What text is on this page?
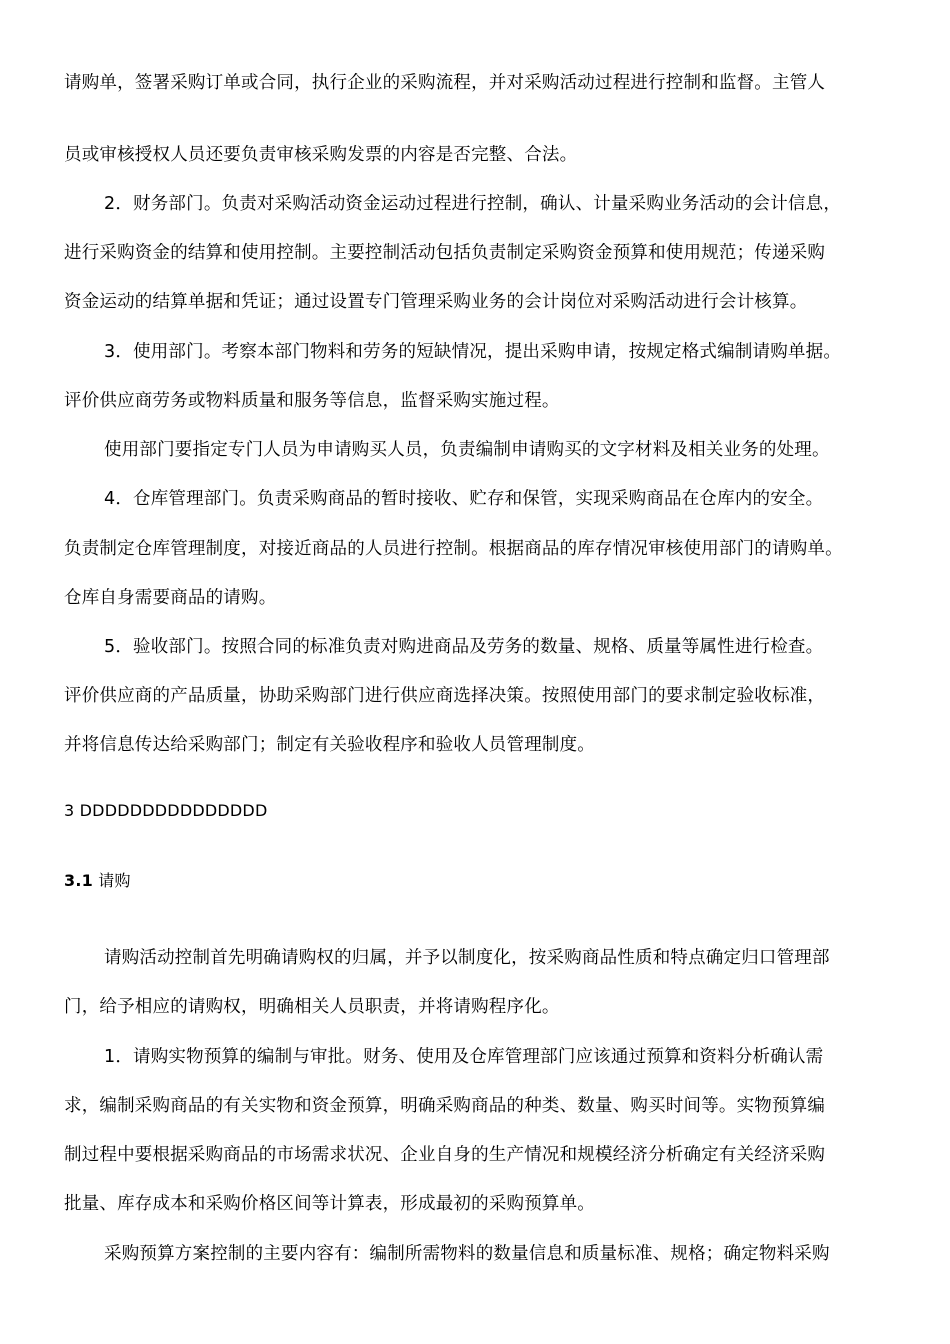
请购单，签署采购订单或合同，执行企业的采购流程，并对采购活动过程进行控制和监督。主管人
员或审核授权人员还要负责审核采购发票的内容是否完整、合法。
2．财务部门。负责对采购活动资金运动过程进行控制，确认、计量采购业务活动的会计信息，
进行采购资金的结算和使用控制。主要控制活动包括负责制定采购资金预算和使用规范；传递采购
资金运动的结算单据和凭证；通过设置专门管理采购业务的会计岗位对采购活动进行会计核算。
3．使用部门。考察本部门物料和劳务的短缺情况，提出采购申请，按规定格式编制请购单据。
评价供应商劳务或物料质量和服务等信息，监督采购实施过程。
使用部门要指定专门人员为申请购买人员，负责编制申请购买的文字材料及相关业务的处理。
4．仓库管理部门。负责采购商品的暂时接收、贮存和保管，实现采购商品在仓库内的安全。
负责制定仓库管理制度，对接近商品的人员进行控制。根据商品的库存情况审核使用部门的请购单。
仓库自身需要商品的请购。
5．验收部门。按照合同的标准负责对购进商品及劳务的数量、规格、质量等属性进行检查。
评价供应商的产品质量，协助采购部门进行供应商选择决策。按照使用部门的要求制定验收标准，
并将信息传达给采购部门；制定有关验收程序和验收人员管理制度。
3 DDDDDDDDDDDDDDD
3.1 请购
请购活动控制首先明确请购权的归属，并予以制度化，按采购商品性质和特点确定归口管理部
门，给予相应的请购权，明确相关人员职责，并将请购程序化。
1．请购实物预算的编制与审批。财务、使用及仓库管理部门应该通过预算和资料分析确认需
求，编制采购商品的有关实物和资金预算，明确采购商品的种类、数量、购买时间等。实物预算编
制过程中要根据采购商品的市场需求状况、企业自身的生产情况和规模经济分析确定有关经济采购
批量、库存成本和采购价格区间等计算表，形成最初的采购预算单。
采购预算方案控制的主要内容有：编制所需物料的数量信息和质量标准、规格；确定物料采购
